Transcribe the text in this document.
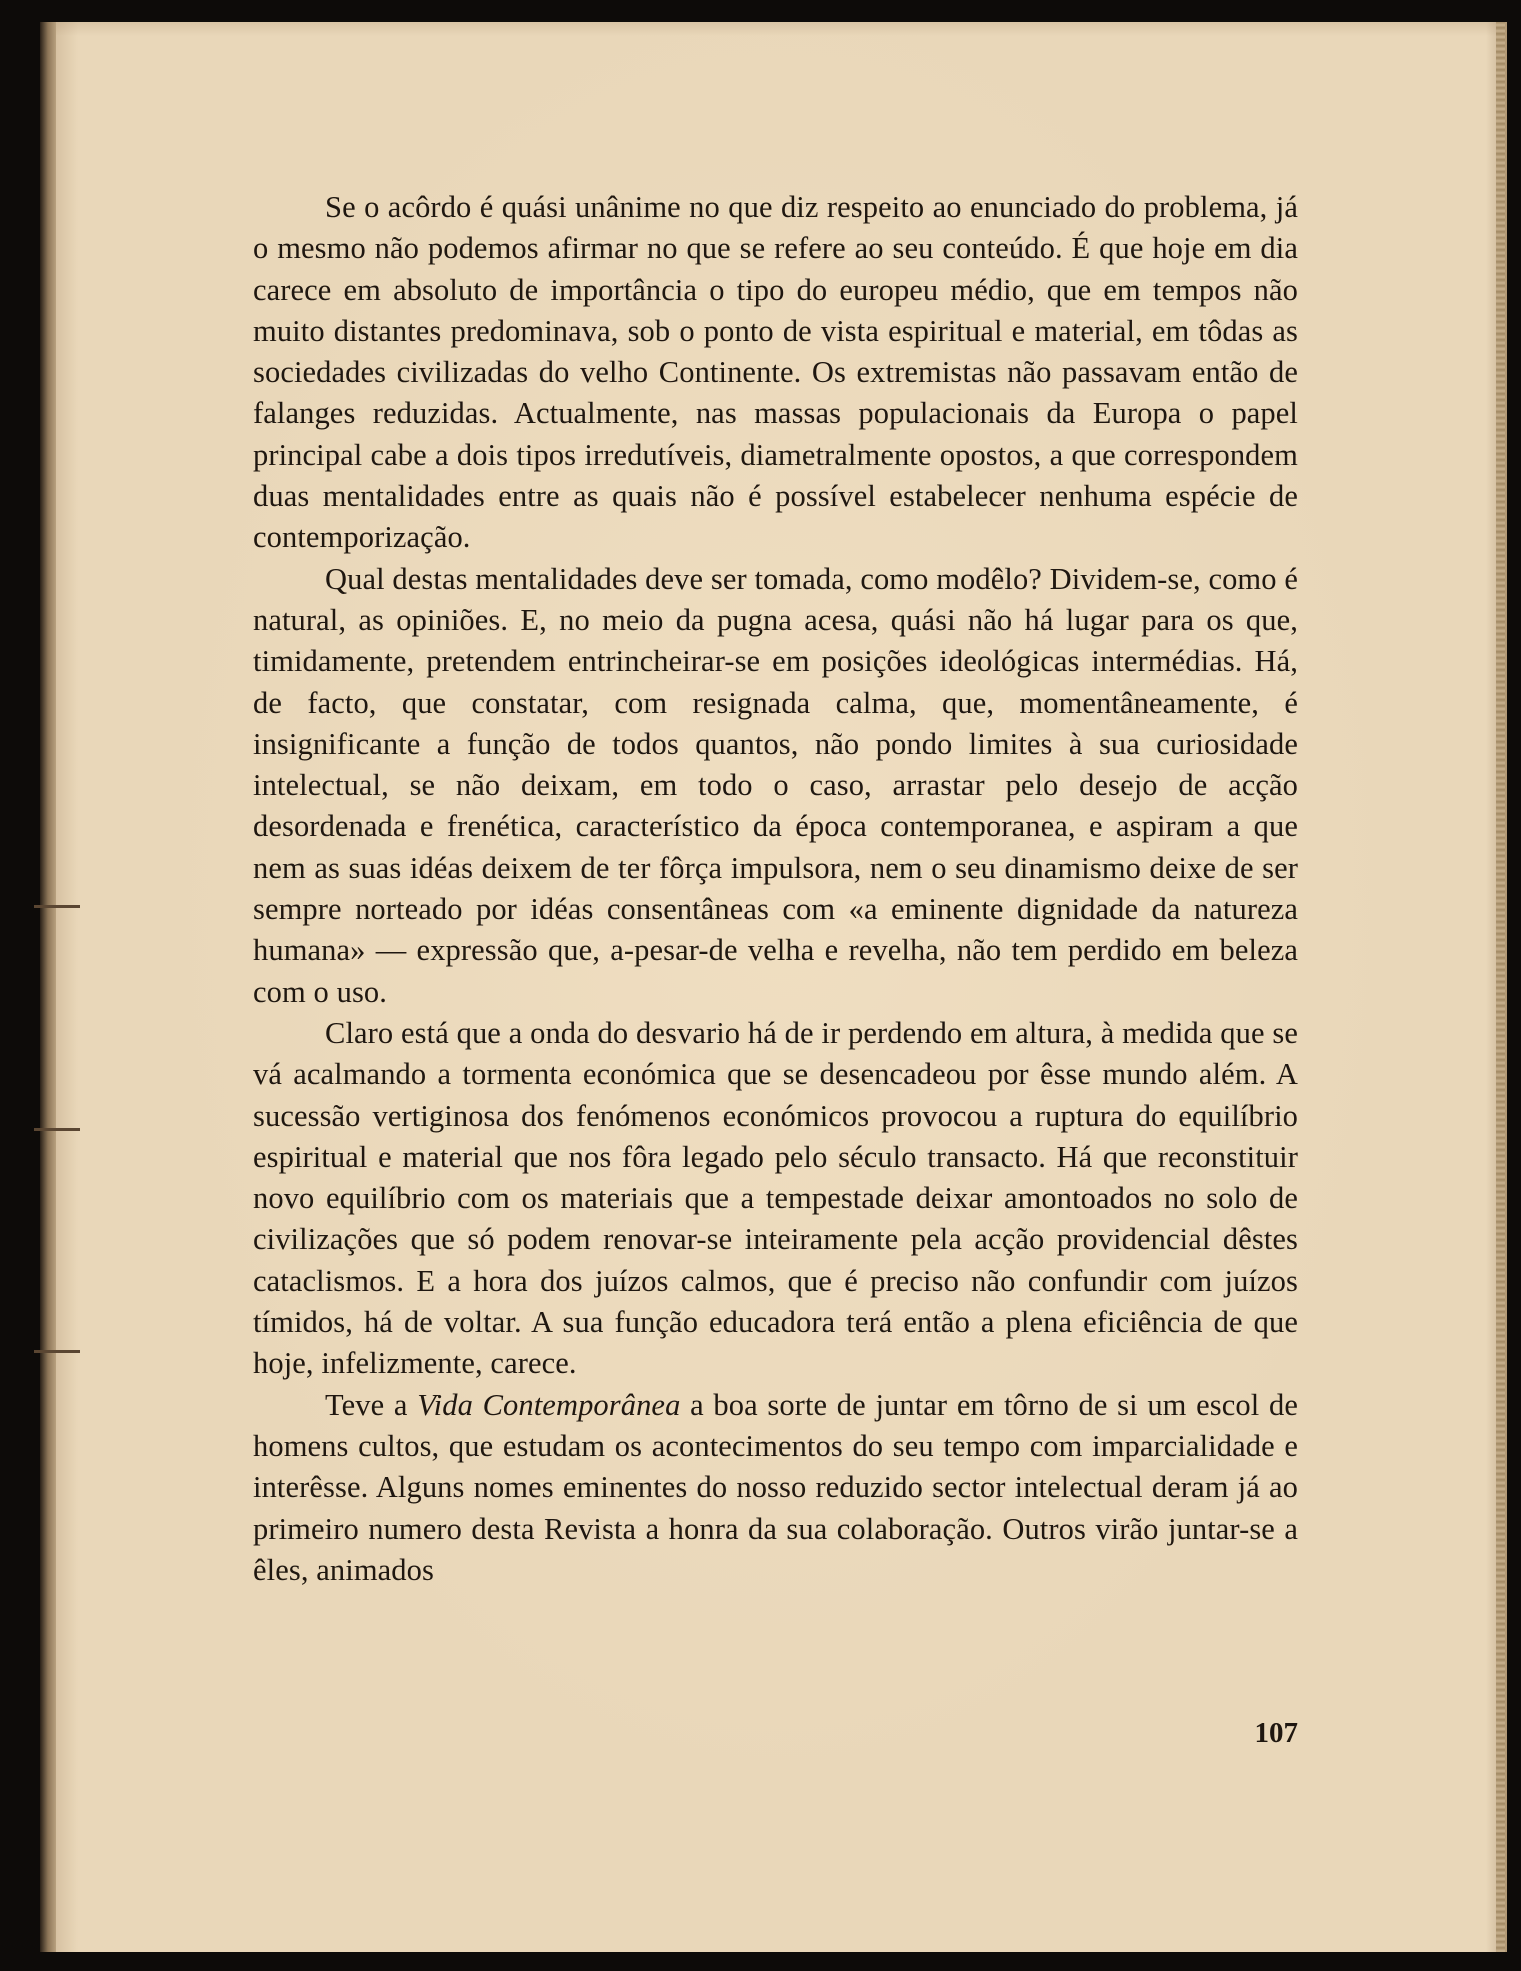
Se o acôrdo é quási unânime no que diz respeito ao enunciado do problema, já o mesmo não podemos afirmar no que se refere ao seu conteúdo. É que hoje em dia carece em absoluto de importância o tipo do europeu médio, que em tempos não muito distantes predominava, sob o ponto de vista espiritual e material, em tôdas as sociedades civilizadas do velho Continente. Os extremistas não passavam então de falanges reduzidas. Actualmente, nas massas populacionais da Europa o papel principal cabe a dois tipos irredutíveis, diametralmente opostos, a que correspondem duas mentalidades entre as quais não é possível estabelecer nenhuma espécie de contemporização.

Qual destas mentalidades deve ser tomada, como modêlo? Dividem-se, como é natural, as opiniões. E, no meio da pugna acesa, quási não há lugar para os que, timidamente, pretendem entrincheirar-se em posições ideológicas intermédias. Há, de facto, que constatar, com resignada calma, que, momentâneamente, é insignificante a função de todos quantos, não pondo limites à sua curiosidade intelectual, se não deixam, em todo o caso, arrastar pelo desejo de acção desordenada e frenética, característico da época contemporanea, e aspiram a que nem as suas idéas deixem de ter fôrça impulsora, nem o seu dinamismo deixe de ser sempre norteado por idéas consentâneas com «a eminente dignidade da natureza humana» — expressão que, a-pesar-de velha e revelha, não tem perdido em beleza com o uso.

Claro está que a onda do desvario há de ir perdendo em altura, à medida que se vá acalmando a tormenta económica que se desencadeou por êsse mundo além. A sucessão vertiginosa dos fenómenos económicos provocou a ruptura do equilíbrio espiritual e material que nos fôra legado pelo século transacto. Há que reconstituir novo equilíbrio com os materiais que a tempestade deixar amontoados no solo de civilizações que só podem renovar-se inteiramente pela acção providencial dêstes cataclismos. E a hora dos juízos calmos, que é preciso não confundir com juízos tímidos, há de voltar. A sua função educadora terá então a plena eficiência de que hoje, infelizmente, carece.

Teve a Vida Contemporânea a boa sorte de juntar em tôrno de si um escol de homens cultos, que estudam os acontecimentos do seu tempo com imparcialidade e interêsse. Alguns nomes eminentes do nosso reduzido sector intelectual deram já ao primeiro numero desta Revista a honra da sua colaboração. Outros virão juntar-se a êles, animados

107
